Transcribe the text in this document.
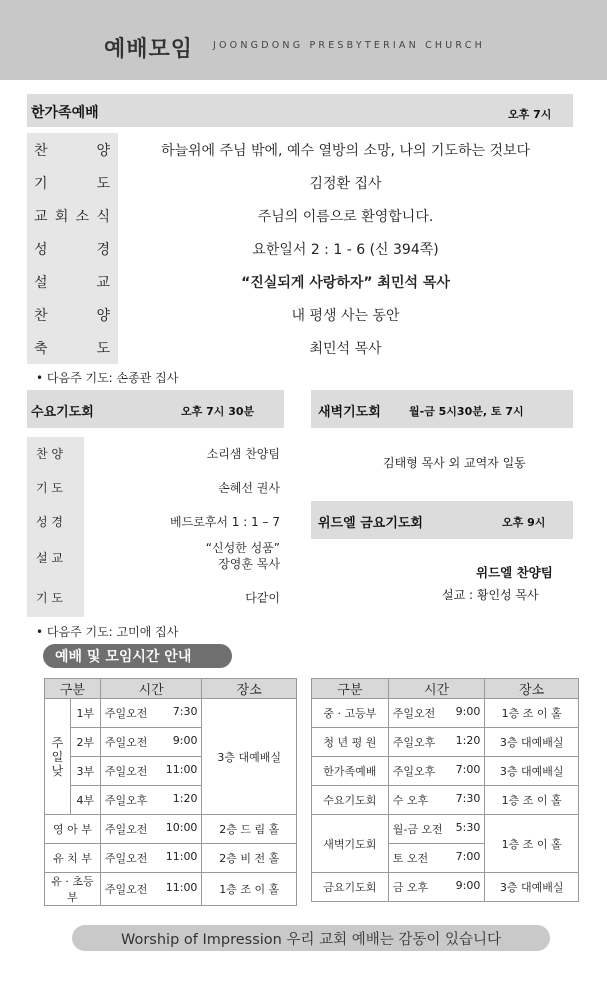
예배모임 JOONGDONG PRESBYTERIAN CHURCH
한가족예배	오후 7시
찬	양	하늘위에 주님 밖에, 예수 열방의 소망, 나의 기도하는 것보다
기	도	김정환 집사
교 회 소 식	주님의 이름으로 환영합니다.
성	경	요한일서 2 : 1 - 6 (신 394쪽)
설	교	“진실되게 사랑하자” 최민석 목사
찬	양	내 평생 사는 동안
축	도	최민석 목사
• 다음주 기도: 손종관 집사
수요기도회	오후 7시 30분
찬 양	소리샘 찬양팀
기 도	손혜선 권사
성 경	베드로후서 1 : 1 – 7
설 교
“신성한 성품”
장영훈 목사
기 도	다같이
• 다음주 기도: 고미애 집사
새벽기도회	월-금 5시30분, 토 7시
김태형 목사 외 교역자 일동
위드엘 금요기도회	오후 9시
위드엘 찬양팀
설교 : 황인성 목사
예배 및 모임시간 안내
구분		시간	장소
주일낮	1부	주일오전 7:30	3층 대예배실
	2부	주일오전 9:00	

	3부	주일오전 11:00	

	4부	주일오후 1:20	

영 아 부		주일오전 10:00	2층 드 림 홀
유 치 부		주일오전 11:00	2층 비 전 홀
유 · 초등부		주일오전 11:00	1층 조 이 홀
구분	시간	장소
중 · 고등부	주일오전 9:00	1층 조 이 홀
청 년 평 원	주일오후 1:20	3층 대예배실
한가족예배	주일오후 7:00	3층 대예배실
수요기도회	수 오후 7:30	1층 조 이 홀
새벽기도회	월-금 오전 5:30	1층 조 이 홀
	토 오전 7:00	

금요기도회	금 오후 9:00	3층 대예배실
Worship of Impression 우리 교회 예배는 감동이 있습니다
